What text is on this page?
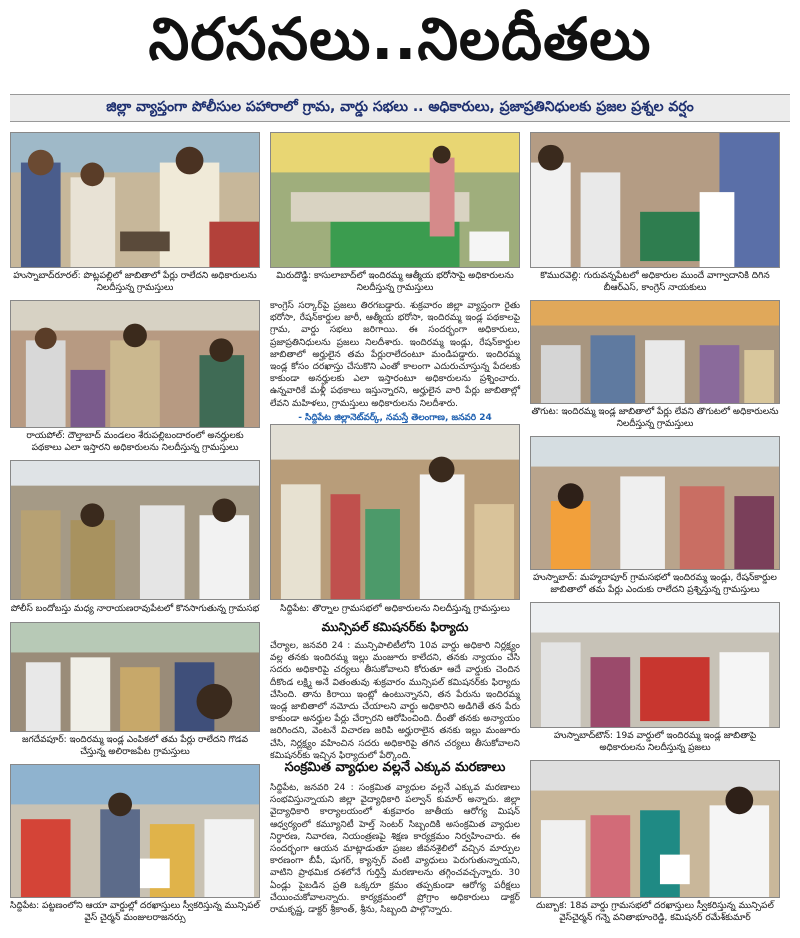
నిరసనలు..నిలదీతలు
జిల్లా వ్యాప్తంగా పోలీసుల పహారాలో గ్రామ, వార్డు సభలు .. అధికారులు, ప్రజాప్రతినిధులకు ప్రజల ప్రశ్నల వర్షం
హుస్నాబాద్‌రూరల్: పొట్లపల్లిలో జాబితాలో పేర్లు రాలేదని అధికారులను నిలదీస్తున్న గ్రామస్తులు
రాయపోల్: దౌల్తాబాద్ మండలం శేరుపల్లిబందారంలో అనర్హులకు పథకాలు ఎలా ఇస్తారని అధికారులను నిలదీస్తున్న గ్రామస్తులు
పోలీస్ బందోబస్తు మధ్య నారాయణరావుపేటలో కొనసాగుతున్న గ్రామసభ
జగదేవపూర్: ఇందిరమ్మ ఇండ్ల ఎంపికలో తమ పేర్లు రాలేదని గొడవ చేస్తున్న అలిరాజపేట గ్రామస్తులు
సిద్దిపేట: పట్టణంలోని ఆయా వార్డుల్లో దరఖాస్తులు స్వీకరిస్తున్న మున్సిపల్ వైస్ చైర్మన్ మంజులరాజనర్సు
మిరుదొడ్డి: కాసులాబాద్‌లో ఇందిరమ్మ ఆత్మీయ భరోసాపై అధికారులను నిలదీస్తున్న గ్రామస్తులు
కాంగ్రెస్ సర్కార్‌పై ప్రజలు తిరగబడ్డారు. శుక్రవారం జిల్లా వ్యాప్తంగా రైతు భరోసా, రేషన్‌కార్డుల జారీ, ఆత్మీయ భరోసా, ఇందిరమ్మ ఇండ్ల పథకాలపై గ్రామ, వార్డు సభలు జరిగాయి. ఈ సందర్భంగా అధికారులు, ప్రజాప్రతినిధులను ప్రజలు నిలదీశారు. ఇందిరమ్మ ఇండ్లు, రేషన్‌కార్డుల జాబితాలో అర్హులైన తమ పేర్లురాలేదంటూ మండిపడ్డారు. ఇందిరమ్మ ఇండ్ల కోసం దరఖాస్తు చేసుకొని ఎంతో కాలంగా ఎదురుచూస్తున్న పేదలకు కాకుండా అనర్హులకు ఎలా ఇస్తారంటూ అధికారులను ప్రశ్నించారు. ఉన్నవారికే మళ్లీ పథకాలు ఇస్తున్నారని, అర్హులైన వారి పేర్లు జాబితాల్లో లేవని మహిళలు, గ్రామస్తులు అధికారులను నిలదీశారు.
- సిద్దిపేట జిల్లానెట్‌వర్క్, నమస్తే తెలంగాణ, జనవరి 24
సిద్దిపేట: తొర్నాల గ్రామసభలో అధికారులను నిలదీస్తున్న గ్రామస్తులు
మున్సిపల్ కమిషనర్‌కు ఫిర్యాదు
చేర్యాల, జనవరి 24 : మున్సిపాలిటీలోని 10వ వార్డు అధికారి నిర్లక్ష్యం వల్ల తనకు ఇందిరమ్మ ఇల్లు మంజూరు కాలేదని, తనకు న్యాయం చేసి సదరు అధికారిపై చర్యలు తీసుకోవాలని కోరుతూ ఆదే వార్డుకు చెందిన దీకొండ లక్ష్మి అనే వితంతువు శుక్రవారం మున్సిపల్ కమిషనర్‌కు ఫిర్యాదు చేసింది. తాను కిరాయి ఇంట్లో ఉంటున్నానని, తన పేరును ఇందిరమ్మ ఇండ్ల జాబితాలో నమోదు చేయాలని వార్డు అధికారిని అడిగితే తన పేరు కాకుండా అనర్హుల పేర్లు చేర్చారని ఆరోపించింది. దీంతో తనకు అన్యాయం జరిగిందని, వెంటనే విచారణ జరిపి అర్హురాలైన తనకు ఇల్లు మంజూరు చేసి, నిర్లక్ష్యం వహించిన సదరు అధికారిపై తగిన చర్యలు తీసుకోవాలని కమిషనర్‌కు ఇచ్చిన ఫిర్యాదులో పేర్కొంది.
సంక్రమిత వ్యాధుల వల్లనే ఎక్కువ మరణాలు
సిద్దిపేట, జనవరి 24 : సంక్రమిత వ్యాధుల వల్లనే ఎక్కువ మరణాలు సంభవిస్తున్నాయని జిల్లా వైద్యాధికారి పల్వాన్ కుమార్ అన్నారు. జిల్లా వైద్యాధికారి కార్యాలయంలో శుక్రవారం జాతీయ ఆరోగ్య మిషన్ ఆధ్వర్యంలో కమ్యూనిటీ హెల్త్ సెంటర్ సిబ్బందికి అసంక్రమిత వ్యాధుల నిర్ధారణ, నివారణ, నియంత్రణపై శిక్షణ కార్యక్రమం నిర్వహించారు. ఈ సందర్భంగా ఆయన మాట్లాడుతూ ప్రజల జీవనశైలిలో వచ్చిన మార్పుల కారణంగా బీపీ, షుగర్, క్యాన్సర్ వంటి వ్యాధులు పెరుగుతున్నాయని, వాటిని ప్రాథమిక దశలోనే గుర్తిస్తే మరణాలను తగ్గించవచ్చన్నారు. 30 ఏండ్లు పైబడిన ప్రతి ఒక్కరూ క్రమం తప్పకుండా ఆరోగ్య పరీక్షలు చేయించుకోవాలన్నారు. కార్యక్రమంలో ప్రోగ్రాం అధికారులు డాక్టర్ రామకృష్ణ, డాక్టర్ శ్రీకాంత్, శ్రీను, సిబ్బంది పాల్గొన్నారు.
కొమురవెల్లి: గురువన్నపేటలో అధికారుల ముందే వాగ్వాదానికి దిగిన బీఆర్‌ఎస్, కాంగ్రెస్ నాయకులు
తొగుట: ఇందిరమ్మ ఇండ్ల జాబితాలో పేర్లు లేవని తొగుటలో అధికారులను నిలదీస్తున్న గ్రామస్తులు
హుస్నాబాద్: మహ్మదాపూర్ గ్రామసభలో ఇందిరమ్మ ఇండ్లు, రేషన్‌కార్డుల జాబితాలో తమ పేర్లు ఎందుకు రాలేదని ప్రశ్నిస్తున్న గ్రామస్తులు
హుస్నాబాద్‌టౌన్: 19వ వార్డులో ఇందిరమ్మ ఇండ్ల జాబితాపై అధికారులను నిలదీస్తున్న ప్రజలు
దుబ్బాక: 18వ వార్డు గ్రామసభలో దరఖాస్తులు స్వీకరిస్తున్న మున్సిపల్ వైస్‌చైర్మన్ గన్నె వనితాభూంరెడ్డి, కమిషనర్ రమేశ్‌కుమార్
